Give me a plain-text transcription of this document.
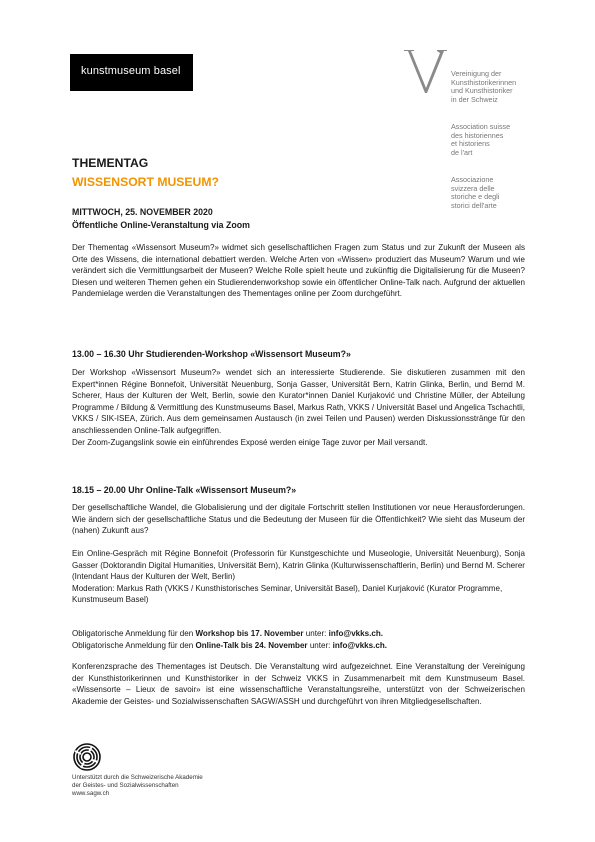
kunstmuseum basel	Vereinigung der
Kunsthistorikerinnen
und Kunsthistoriker
in der Schweiz
Association suisse
des historiennes
et historiens
de l'art
Associazione
svizzera delle
storiche e degli
storici dell'arte
THEMENTAG
WISSENSORT MUSEUM?
MITTWOCH, 25. NOVEMBER 2020
Öffentliche Online-Veranstaltung via Zoom

Der Thementag «Wissensort Museum?» widmet sich gesellschaftlichen Fragen zum Status und zur Zukunft der Museen als Orte des Wissens, die international debattiert werden. Welche Arten von «Wissen» produziert das Museum? Warum und wie verändert sich die Vermittlungsarbeit der Museen? Welche Rolle spielt heute und zukünftig die Digitalisierung für die Museen? Diesen und weiteren Themen gehen ein Studierendenworkshop sowie ein öffentlicher Online-Talk nach. Aufgrund der aktuellen Pandemielage werden die Veranstaltungen des Thementages online per Zoom durchgeführt.

13.00 – 16.30 Uhr Studierenden-Workshop «Wissensort Museum?»

Der Workshop «Wissensort Museum?» wendet sich an interessierte Studierende. Sie diskutieren zusammen mit den Expert*innen Régine Bonnefoit, Universität Neuenburg, Sonja Gasser, Universität Bern, Katrin Glinka, Berlin, und Bernd M. Scherer, Haus der Kulturen der Welt, Berlin, sowie den Kurator*innen Daniel Kurjaković und Christine Müller, der Abteilung Programme / Bildung & Vermittlung des Kunstmuseums Basel, Markus Rath, VKKS / Universität Basel und Angelica Tschachtli, VKKS / SIK-ISEA, Zürich. Aus dem gemeinsamen Austausch (in zwei Teilen und Pausen) werden Diskussionsstränge für den anschliessenden Online-Talk aufgegriffen.

Der Zoom-Zugangslink sowie ein einführendes Exposé werden einige Tage zuvor per Mail versandt.

18.15 – 20.00 Uhr Online-Talk «Wissensort Museum?»

Der gesellschaftliche Wandel, die Globalisierung und der digitale Fortschritt stellen Institutionen vor neue Herausforderungen. Wie ändern sich der gesellschaftliche Status und die Bedeutung der Museen für die Öffentlichkeit? Wie sieht das Museum der (nahen) Zukunft aus?

Ein Online-Gespräch mit Régine Bonnefoit (Professorin für Kunstgeschichte und Museologie, Universität Neuenburg), Sonja Gasser (Doktorandin Digital Humanities, Universität Bern), Katrin Glinka (Kulturwissenschaftlerin, Berlin) und Bernd M. Scherer (Intendant Haus der Kulturen der Welt, Berlin)

Moderation: Markus Rath (VKKS / Kunsthistorisches Seminar, Universität Basel), Daniel Kurjaković (Kurator Programme, Kunstmuseum Basel)

Obligatorische Anmeldung für den Workshop bis 17. November unter: info@vkks.ch.
Obligatorische Anmeldung für den Online-Talk bis 24. November unter: info@vkks.ch.

Konferenzsprache des Thementages ist Deutsch. Die Veranstaltung wird aufgezeichnet. Eine Veranstaltung der Vereinigung der Kunsthistorikerinnen und Kunsthistoriker in der Schweiz VKKS in Zusammenarbeit mit dem Kunstmuseum Basel. «Wissensorte – Lieux de savoir» ist eine wissenschaftliche Veranstaltungsreihe, unterstützt von der Schweizerischen Akademie der Geistes- und Sozialwissenschaften SAGW/ASSH und durchgeführt von ihren Mitgliedgesellschaften.

Unterstützt durch die Schweizerische Akademie
der Geistes- und Sozialwissenschaften
www.sagw.ch
